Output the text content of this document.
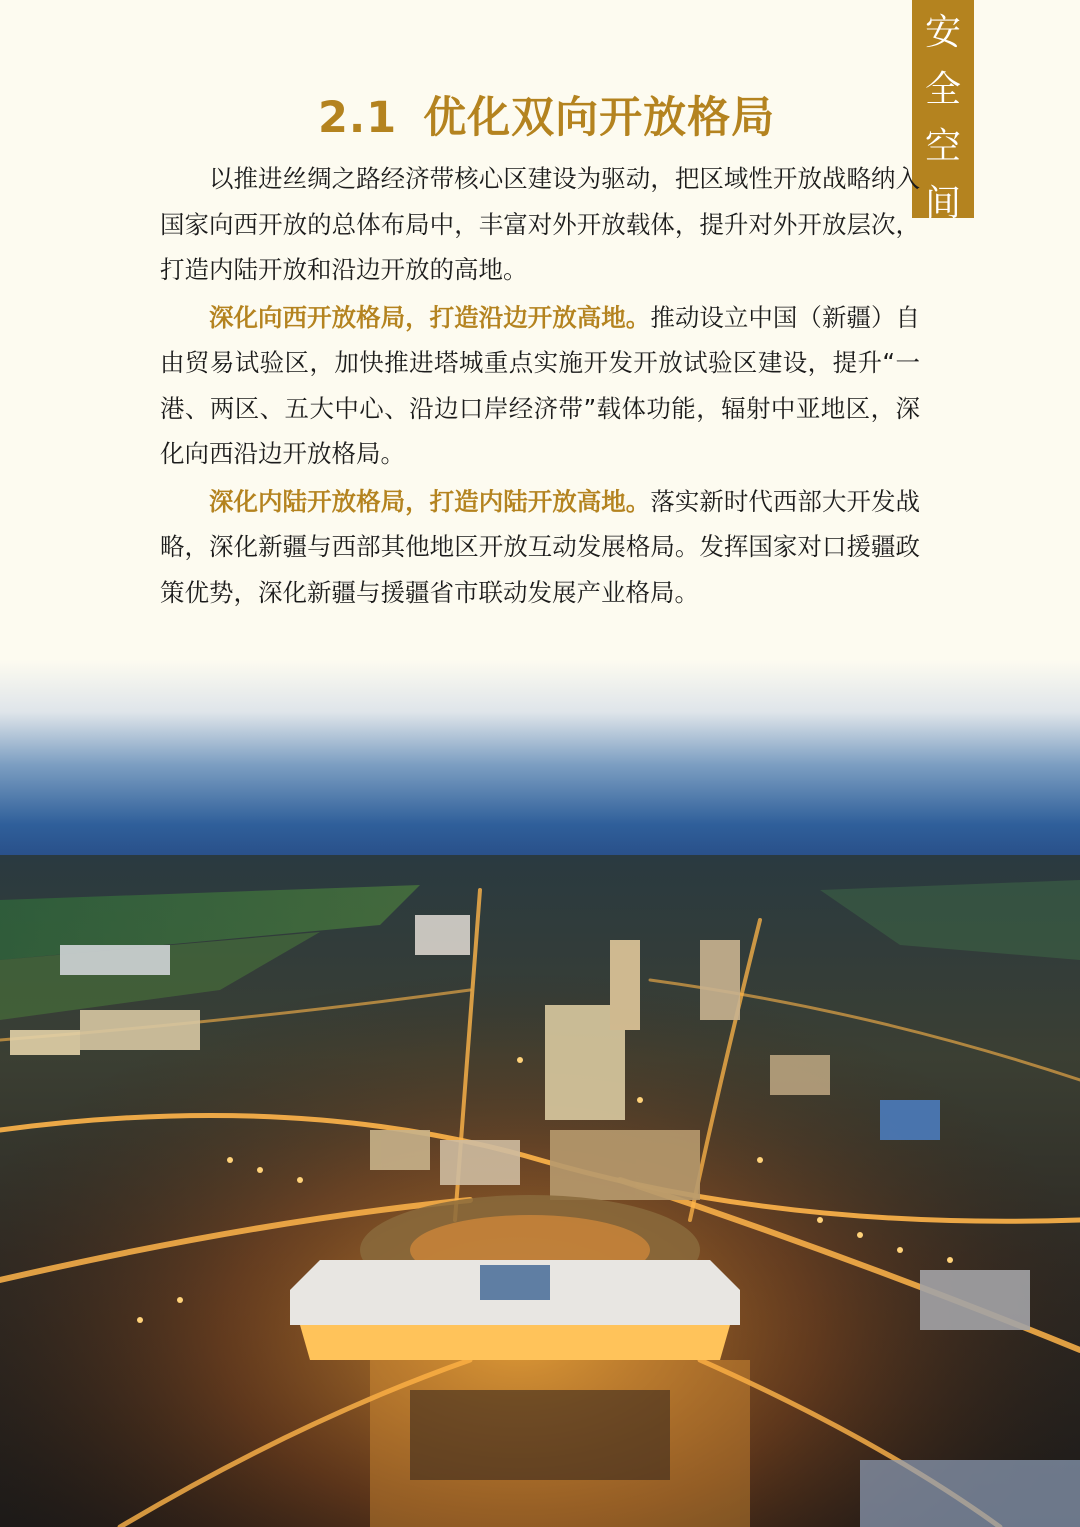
安
全
空
间
2.1 优化双向开放格局

以推进丝绸之路经济带核心区建设为驱动，把区域性开放战略纳入国家向西开放的总体布局中，丰富对外开放载体，提升对外开放层次，打造内陆开放和沿边开放的高地。

深化向西开放格局，打造沿边开放高地。推动设立中国（新疆）自由贸易试验区，加快推进塔城重点实施开发开放试验区建设，提升“一港、两区、五大中心、沿边口岸经济带”载体功能，辐射中亚地区，深化向西沿边开放格局。

深化内陆开放格局，打造内陆开放高地。落实新时代西部大开发战略，深化新疆与西部其他地区开放互动发展格局。发挥国家对口援疆政策优势，深化新疆与援疆省市联动发展产业格局。
